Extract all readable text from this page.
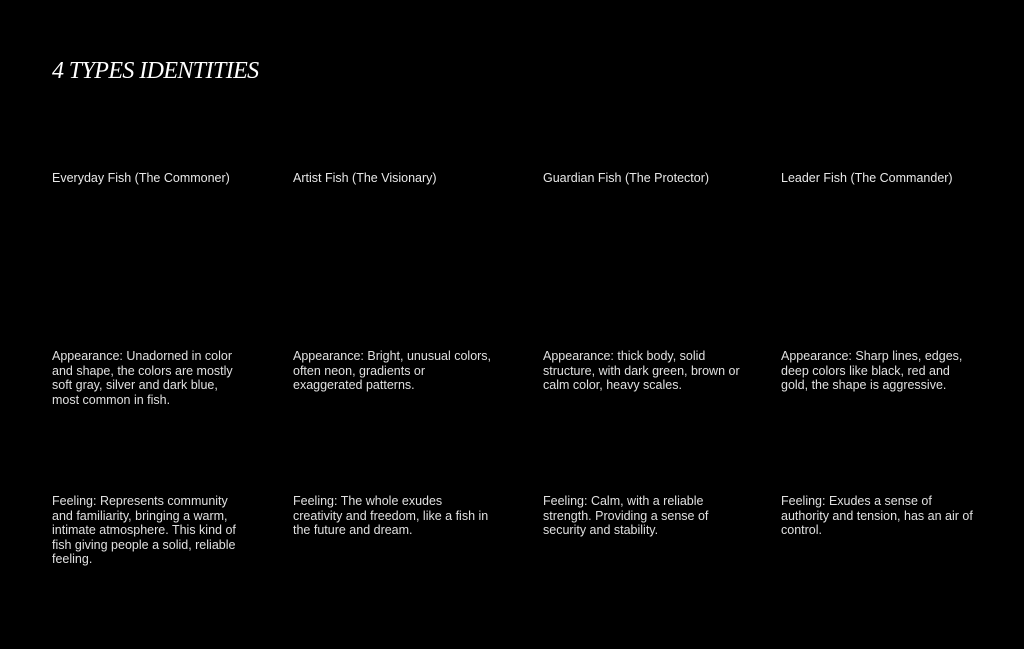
4 TYPES IDENTITIES

Everyday Fish (The Commoner)

Appearance: Unadorned in color and shape, the colors are mostly soft gray, silver and dark blue, most common in fish.

Feeling: Represents community and familiarity, bringing a warm, intimate atmosphere. This kind of fish giving people a solid, reliable feeling.

Artist Fish (The Visionary)

Appearance: Bright, unusual colors, often neon, gradients or exaggerated patterns.

Feeling: The whole exudes creativity and freedom, like a fish in the future and dream.

Guardian Fish (The Protector)

Appearance: thick body, solid structure, with dark green, brown or calm color, heavy scales.

Feeling: Calm, with a reliable strength. Providing a sense of security and stability.

Leader Fish (The Commander)

Appearance: Sharp lines, edges, deep colors like black, red and gold, the shape is aggressive.

Feeling: Exudes a sense of authority and tension, has an air of control.
